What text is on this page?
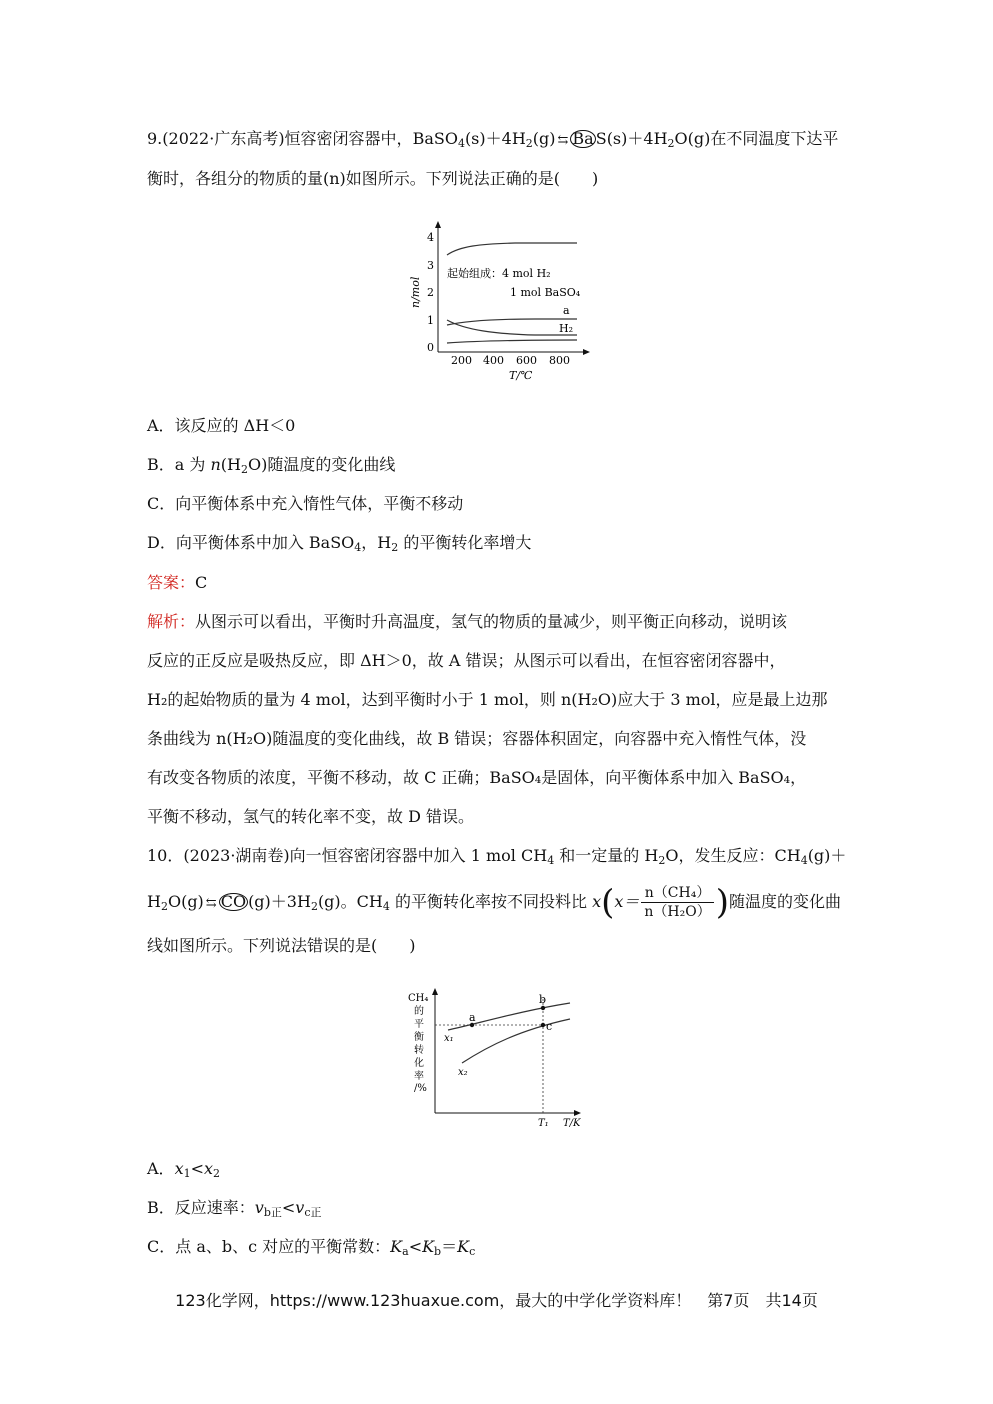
9.(2022·广东高考)恒容密闭容器中，$BaSO_4(s)+4H_2(g)$ ⇆ Ba $S(s)+4H_2O(g)$在不同温度下达平
衡时，各组分的物质的量(n)如图所示。下列说法正确的是(　　)
0
1
2
3
4
n/mol
200 400 600 800
T/℃
起始组成：4 mol H₂
1 mol BaSO₄
a
H₂
A．该反应的 ΔH＜0
B．a 为 $n(H_2O)$随温度的变化曲线
C．向平衡体系中充入惰性气体，平衡不移动
D．向平衡体系中加入 BaSO$_4$，$H_2$ 的平衡转化率增大
答案：C
解析：从图示可以看出，平衡时升高温度，氢气的物质的量减少，则平衡正向移动，说明该
反应的正反应是吸热反应，即 ΔH＞0，故 A 错误；从图示可以看出，在恒容密闭容器中，
H₂的起始物质的量为 4 mol，达到平衡时小于 1 mol，则 n(H₂O)应大于 3 mol，应是最上边那
条曲线为 n(H₂O)随温度的变化曲线，故 B 错误；容器体积固定，向容器中充入惰性气体，没
有改变各物质的浓度，平衡不移动，故 C 正确；BaSO₄是固体，向平衡体系中加入 BaSO₄，
平衡不移动，氢气的转化率不变，故 D 错误。
10．(2023·湖南卷)向一恒容密闭容器中加入 1 mol $CH_4$ 和一定量的 $H_2O$，发生反应：$CH_4(g)+$
$H_2O(g)$ ⇆ CO $(g)+3H_2(g)$。$CH_4$ 的平衡转化率按不同投料比 $x(x= \frac{\text{n（CH₄）}}{\text{n（H₂O）}}$ )随温度的变化曲
线如图所示。下列说法错误的是(　　)
CH₄
的
平
衡
转
化
率
/%
a
b
c
x₁
x₂
T₁ T/K
A．$x_1<x_2$
B．反应速率：$v_{b正}<v_{c正}$
C．点 a、b、c 对应的平衡常数：$K_a<K_b=K_c$
123化学网，https://www.123huaxue.com，最大的中学化学资料库！　第7页　共14页
